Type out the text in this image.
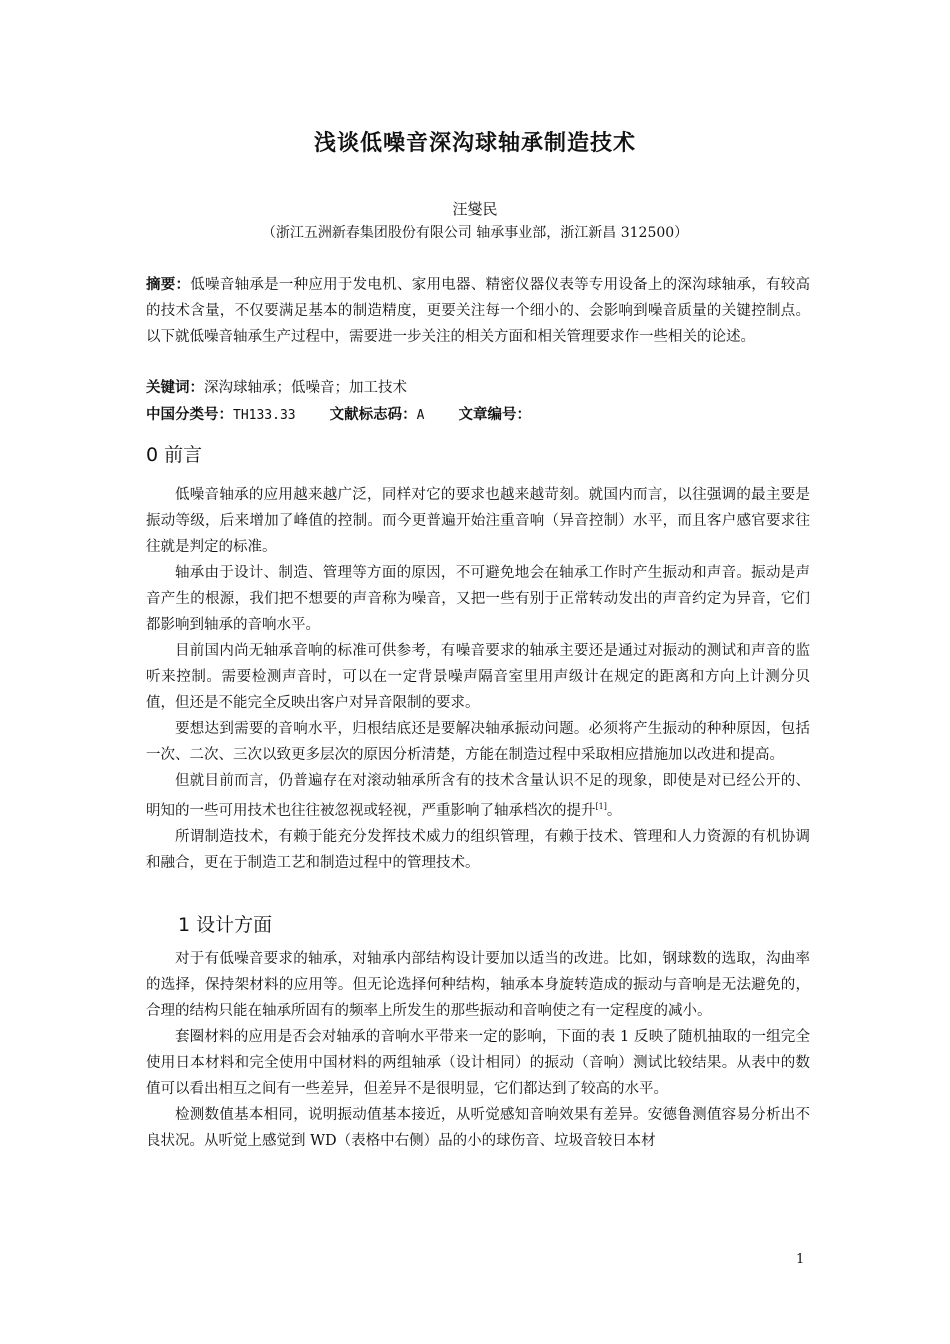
浅谈低噪音深沟球轴承制造技术
汪燮民
（浙江五洲新春集团股份有限公司 轴承事业部，浙江新昌 312500）
摘要：低噪音轴承是一种应用于发电机、家用电器、精密仪器仪表等专用设备上的深沟球轴承，有较高的技术含量，不仅要满足基本的制造精度，更要关注每一个细小的、会影响到噪音质量的关键控制点。以下就低噪音轴承生产过程中，需要进一步关注的相关方面和相关管理要求作一些相关的论述。
关键词：深沟球轴承；低噪音；加工技术
中国分类号：TH133.33 文献标志码：A 文章编号：
0 前言

低噪音轴承的应用越来越广泛，同样对它的要求也越来越苛刻。就国内而言，以往强调的最主要是振动等级，后来增加了峰值的控制。而今更普遍开始注重音响（异音控制）水平，而且客户感官要求往往就是判定的标准。

轴承由于设计、制造、管理等方面的原因，不可避免地会在轴承工作时产生振动和声音。振动是声音产生的根源，我们把不想要的声音称为噪音，又把一些有别于正常转动发出的声音约定为异音，它们都影响到轴承的音响水平。

目前国内尚无轴承音响的标准可供参考，有噪音要求的轴承主要还是通过对振动的测试和声音的监听来控制。需要检测声音时，可以在一定背景噪声隔音室里用声级计在规定的距离和方向上计测分贝值，但还是不能完全反映出客户对异音限制的要求。

要想达到需要的音响水平，归根结底还是要解决轴承振动问题。必须将产生振动的种种原因，包括一次、二次、三次以致更多层次的原因分析清楚，方能在制造过程中采取相应措施加以改进和提高。

但就目前而言，仍普遍存在对滚动轴承所含有的技术含量认识不足的现象，即使是对已经公开的、明知的一些可用技术也往往被忽视或轻视，严重影响了轴承档次的提升[1]。

所谓制造技术，有赖于能充分发挥技术威力的组织管理，有赖于技术、管理和人力资源的有机协调和融合，更在于制造工艺和制造过程中的管理技术。

1 设计方面

对于有低噪音要求的轴承，对轴承内部结构设计要加以适当的改进。比如，钢球数的选取，沟曲率的选择，保持架材料的应用等。但无论选择何种结构，轴承本身旋转造成的振动与音响是无法避免的，合理的结构只能在轴承所固有的频率上所发生的那些振动和音响使之有一定程度的减小。

套圈材料的应用是否会对轴承的音响水平带来一定的影响，下面的表 1 反映了随机抽取的一组完全使用日本材料和完全使用中国材料的两组轴承（设计相同）的振动（音响）测试比较结果。从表中的数值可以看出相互之间有一些差异，但差异不是很明显，它们都达到了较高的水平。

检测数值基本相同，说明振动值基本接近，从听觉感知音响效果有差异。安德鲁测值容易分析出不良状况。从听觉上感觉到 WD（表格中右侧）品的小的球伤音、垃圾音较日本材

1
